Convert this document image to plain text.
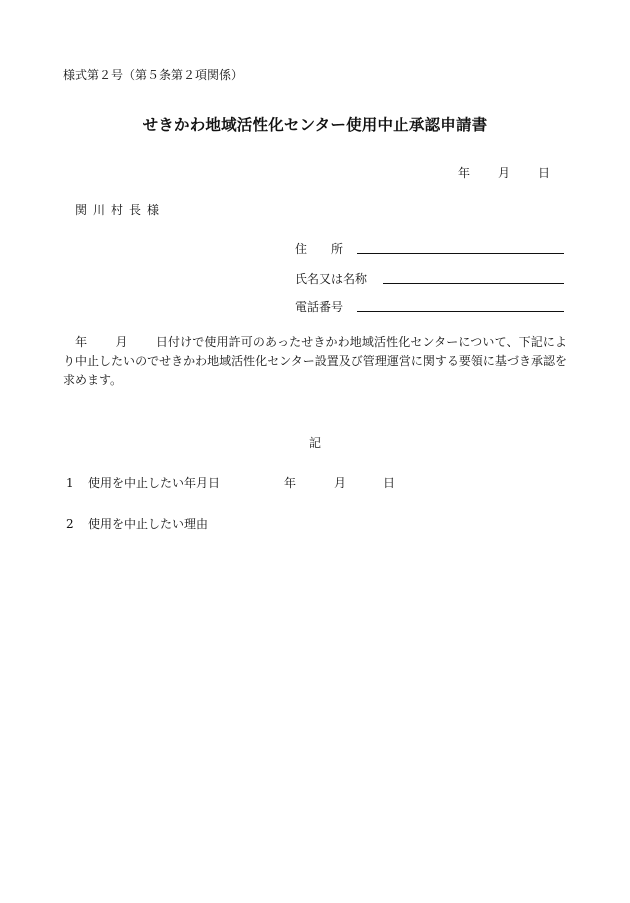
様式第２号（第５条第２項関係）
せきかわ地域活性化センター使用中止承認申請書
年 月 日
関川村長様
住　　所
氏名又は名称
電話番号
　年　　 月　　 日付けで使用許可のあったせきかわ地域活性化センターについて、下記により中止したいのでせきかわ地域活性化センター設置及び管理運営に関する要領に基づき承認を求めます。
記
1 使用を中止したい年月日	年	月	日
2 使用を中止したい理由
